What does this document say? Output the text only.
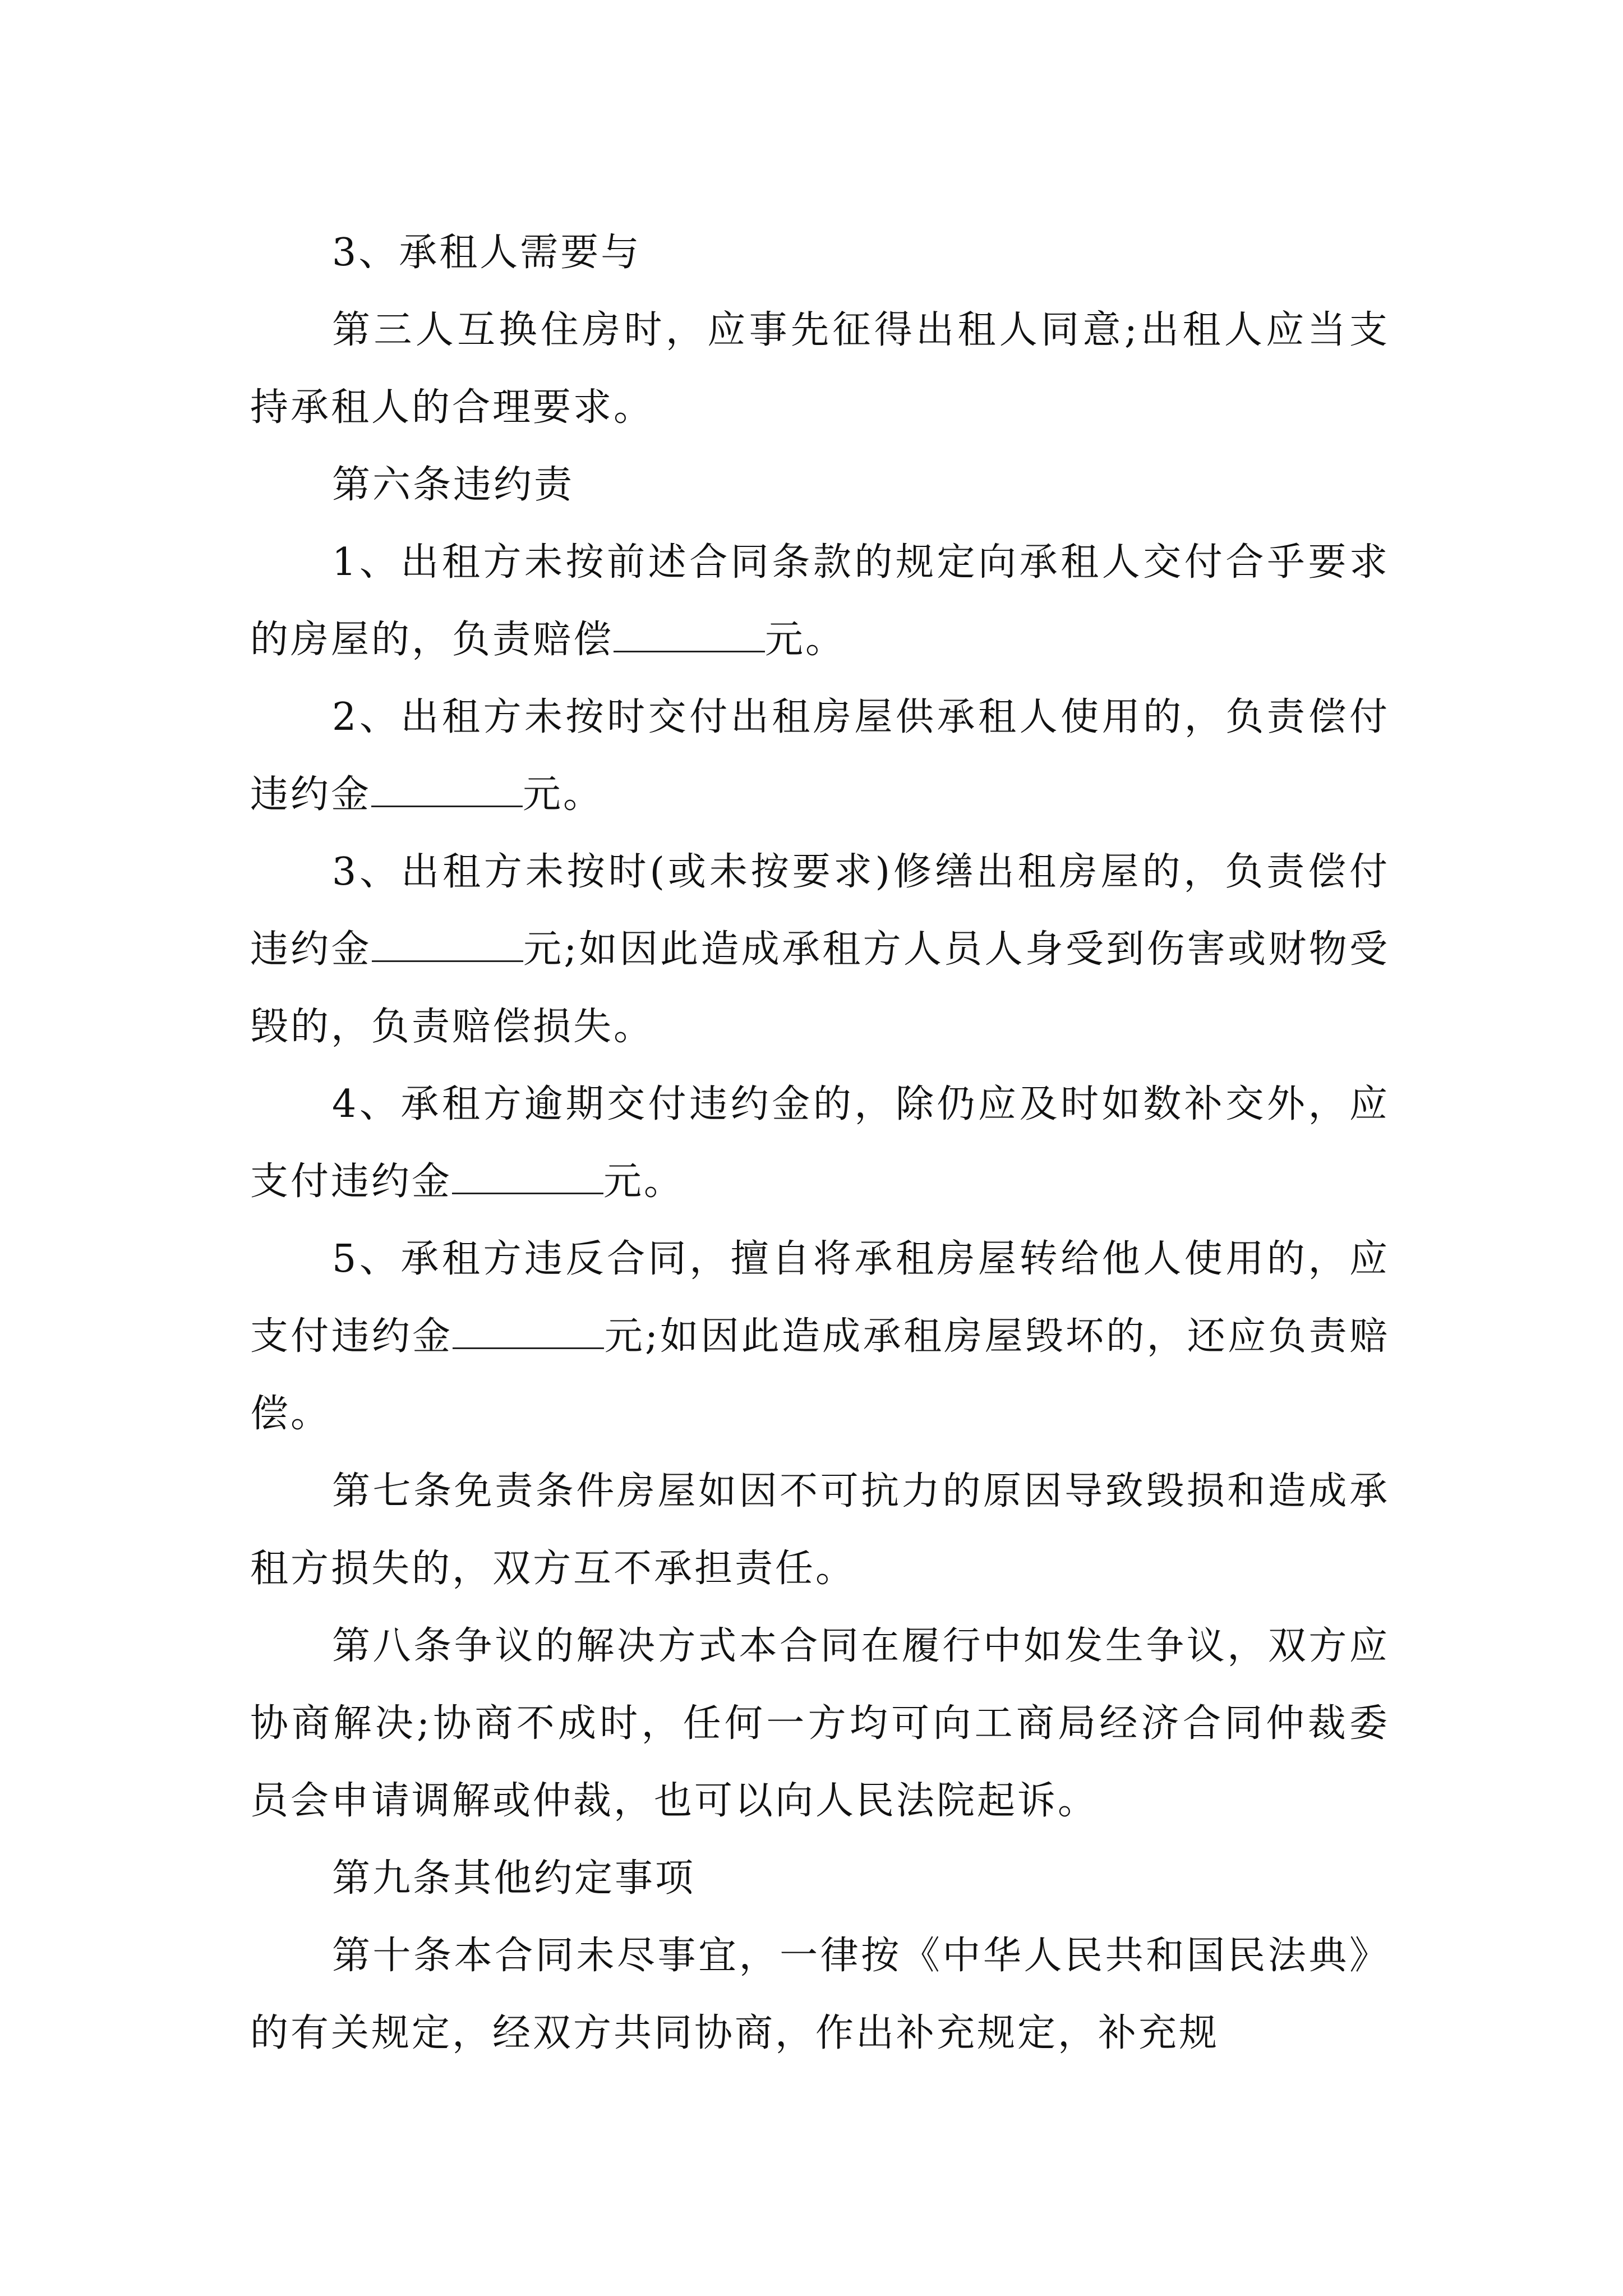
3、承租人需要与

第三人互换住房时，应事先征得出租人同意;出租人应当支持承租人的合理要求。

第六条违约责

1、出租方未按前述合同条款的规定向承租人交付合乎要求的房屋的，负责赔偿	元。

2、出租方未按时交付出租房屋供承租人使用的，负责偿付违约金	元。

3、出租方未按时(或未按要求)修缮出租房屋的，负责偿付违约金	元;如因此造成承租方人员人身受到伤害或财物受毁的，负责赔偿损失。

4、承租方逾期交付违约金的，除仍应及时如数补交外，应支付违约金	元。

5、承租方违反合同，擅自将承租房屋转给他人使用的，应支付违约金	元;如因此造成承租房屋毁坏的，还应负责赔偿。

第七条免责条件房屋如因不可抗力的原因导致毁损和造成承租方损失的，双方互不承担责任。

第八条争议的解决方式本合同在履行中如发生争议，双方应协商解决;协商不成时，任何一方均可向工商局经济合同仲裁委员会申请调解或仲裁，也可以向人民法院起诉。

第九条其他约定事项

第十条本合同未尽事宜，一律按《中华人民共和国民法典》的有关规定，经双方共同协商，作出补充规定，补充规
